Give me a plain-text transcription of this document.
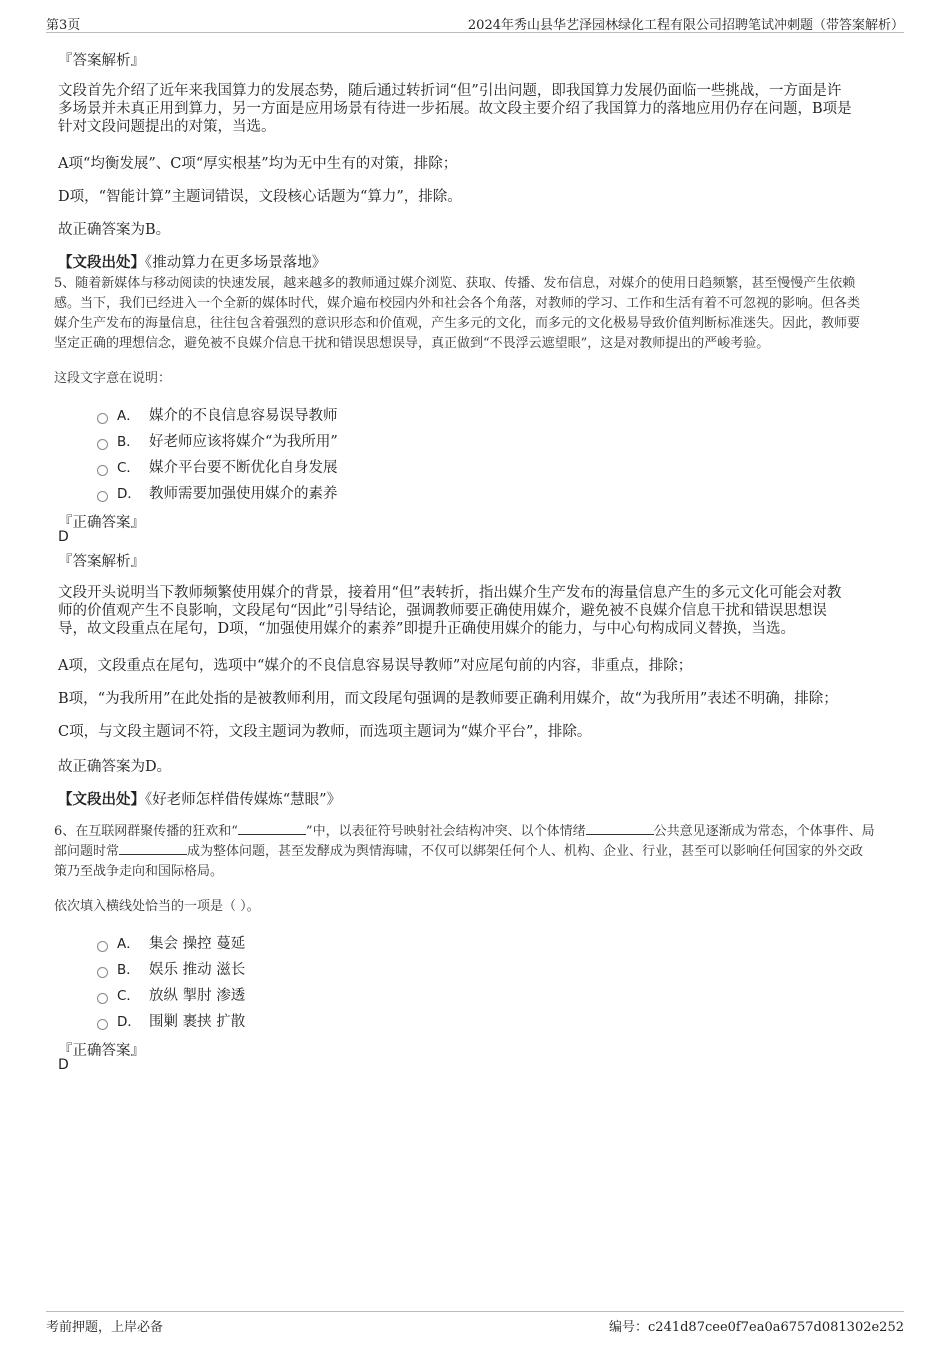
第3页	2024年秀山县华艺泽园林绿化工程有限公司招聘笔试冲刺题（带答案解析）
『答案解析』
文段首先介绍了近年来我国算力的发展态势，随后通过转折词“但”引出问题，即我国算力发展仍面临一些挑战，一方面是许
多场景并未真正用到算力，另一方面是应用场景有待进一步拓展。故文段主要介绍了我国算力的落地应用仍存在问题，B项是
针对文段问题提出的对策，当选。
A项“均衡发展”、C项“厚实根基”均为无中生有的对策，排除；
D项，“智能计算”主题词错误，文段核心话题为“算力”，排除。
故正确答案为B。
【文段出处】《推动算力在更多场景落地》
5、随着新媒体与移动阅读的快速发展，越来越多的教师通过媒介浏览、获取、传播、发布信息，对媒介的使用日趋频繁，甚至慢慢产生依赖
感。当下，我们已经进入一个全新的媒体时代，媒介遍布校园内外和社会各个角落，对教师的学习、工作和生活有着不可忽视的影响。但各类
媒介生产发布的海量信息，往往包含着强烈的意识形态和价值观，产生多元的文化，而多元的文化极易导致价值判断标准迷失。因此，教师要
坚定正确的理想信念，避免被不良媒介信息干扰和错误思想误导，真正做到“不畏浮云遮望眼”，这是对教师提出的严峻考验。
这段文字意在说明：
A． 媒介的不良信息容易误导教师
B． 好老师应该将媒介“为我所用”
C． 媒介平台要不断优化自身发展
D． 教师需要加强使用媒介的素养
『正确答案』
D
『答案解析』
文段开头说明当下教师频繁使用媒介的背景，接着用“但”表转折，指出媒介生产发布的海量信息产生的多元文化可能会对教
师的价值观产生不良影响，文段尾句“因此”引导结论，强调教师要正确使用媒介，避免被不良媒介信息干扰和错误思想误
导，故文段重点在尾句，D项，“加强使用媒介的素养”即提升正确使用媒介的能力，与中心句构成同义替换，当选。
A项，文段重点在尾句，选项中“媒介的不良信息容易误导教师”对应尾句前的内容，非重点，排除；
B项，“为我所用”在此处指的是被教师利用，而文段尾句强调的是教师要正确利用媒介，故“为我所用”表述不明确，排除；
C项，与文段主题词不符，文段主题词为教师，而选项主题词为“媒介平台”，排除。
故正确答案为D。
【文段出处】《好老师怎样借传媒炼“慧眼”》
6、在互联网群聚传播的狂欢和“	”中，以表征符号映射社会结构冲突、以个体情绪	公共意见逐渐成为常态，个体事件、局
部问题时常	成为整体问题，甚至发酵成为舆情海啸，不仅可以綁架任何个人、机构、企业、行业，甚至可以影响任何国家的外交政
策乃至战争走向和国际格局。
依次填入横线处恰当的一项是（ ）。
A． 集会 操控 蔓延
B． 娱乐 推动 滋长
C． 放纵 掣肘 渗透
D． 围剿 裹挟 扩散
『正确答案』
D
考前押题，上岸必备	编号：c241d87cee0f7ea0a6757d081302e252
